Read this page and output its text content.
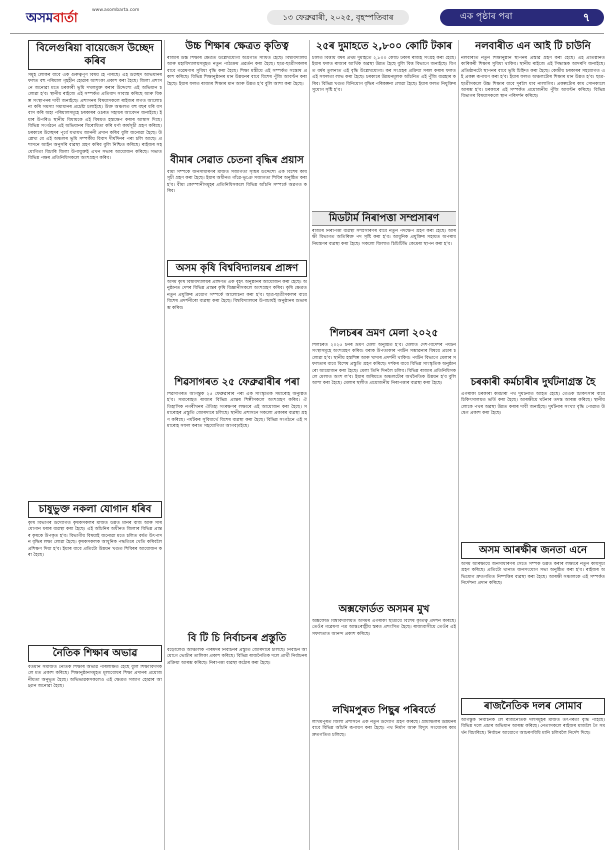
অসমবাৰ্তা
www.asombarta.com
১৩ ফেব্ৰুৱাৰী, ২০২৫, বৃহস্পতিবাৰ	এক পৃষ্ঠাৰ পৰা	৭
বিলেগুৰিয়া বায়েজেস উচ্ছেদ কৰিব
সমূহ লোকৰ বাবে এক গুৰুত্বপূৰ্ণ বিষয় হৈ পৰিছে। এই উচ্ছেদ অভিযানৰ ফলত বহু পৰিয়াল গৃহহীন হোৱাৰ আশংকা প্ৰকাশ কৰা হৈছে। জিলা প্ৰশাসনে জনোৱা মতে চৰকাৰী ভূমি দখলমুক্ত কৰাৰ উদ্দেশ্যে এই অভিযান চলোৱা হ'ব। স্থানীয় ৰাইজে এই সম্পৰ্কত প্ৰতিবাদ সাব্যস্ত কৰিছে আৰু বিকল্প সংস্থাপনৰ দাবী জনাইছে। প্ৰশাসনৰ বিষয়াসকলে ৰাইজৰ লগত আলোচনা কৰি সমস্যা সমাধানৰ প্ৰচেষ্টা চলাইছে। উক্ত অঞ্চলত বহু বছৰ ধৰি বসবাস কৰি অহা পৰিয়ালসমূহে চৰকাৰৰ ওচৰত সহায়ৰ আবেদন জনাইছে। ইয়াৰ উপৰিও স্থানীয় বিধায়কে এই বিষয়ত হস্তক্ষেপ কৰাৰ আশ্বাস দিছে। বিভিন্ন সংগঠনে এই অভিযানৰ বিৰোধিতা কৰি ধৰ্ণা কাৰ্যসূচী গ্ৰহণ কৰিছে। চৰকাৰে উচ্ছেদৰ পূৰ্বে যথাযথ জাননী প্ৰদান কৰিব বুলি জনোৱা হৈছে। উল্লেখ্য যে এই অঞ্চলৰ ভূমি সম্পৰ্কীয় বিবাদ দীৰ্ঘদিনৰ পৰা চলি আছে। প্ৰশাসনে আইন অনুসৰি ব্যৱস্থা গ্ৰহণ কৰিব বুলি নিশ্চিত কৰিছে। ৰাইজৰ সহযোগিতা বিচাৰি জিলা উপায়ুক্তই এখন সভাৰ আয়োজন কৰিছে। সভাত বিভিন্ন পক্ষৰ প্ৰতিনিধিসকলে অংশগ্ৰহণ কৰিব।
চাষুভুক্ত নকলা যোগান ধৰিব
কৃষি বিভাগৰ উদ্যোগত কৃষকসকলৰ মাজত উন্নত মানৰ বীজ আৰু সাৰ যোগান ধৰাৰ ব্যৱস্থা কৰা হৈছে। এই আঁচনিৰ অধীনত জিলাৰ বিভিন্ন প্ৰান্তৰ কৃষকে উপকৃত হ'ব। বিভাগীয় বিষয়াই জনোৱা মতে চলিত বৰ্ষত উৎপাদন বৃদ্ধিৰ লক্ষ্য লোৱা হৈছে। কৃষকসকলক আধুনিক পদ্ধতিৰে খেতি কৰিবলৈ প্ৰশিক্ষণ দিয়া হ'ব। ইয়াৰ বাবে প্ৰতিটো উন্নয়ন খণ্ডত শিবিৰৰ আয়োজন কৰা হৈছে।
নৈতিক শিক্ষাৰ অভাৱ
বৰ্তমান সমাজত নৈতিক শিক্ষাৰ অভাৱ পৰিলক্ষিত হৈছে বুলি শিক্ষাবিদসকলে মত প্ৰকাশ কৰিছে। শিক্ষানুষ্ঠানসমূহত মূল্যবোধৰ শিক্ষা প্ৰদানৰ প্ৰয়োজনীয়তা অনুভূত হৈছে। অভিভাৱকসকলেও এই ক্ষেত্ৰত সজাগ হোৱাৰ আহ্বান জনোৱা হৈছে।
উচ্চ শিক্ষাৰ ক্ষেত্ৰত কৃতিত্ব
ৰাজ্যৰ উচ্চ শিক্ষাৰ ক্ষেত্ৰত উল্লেখযোগ্য অগ্ৰগতি সাধিত হৈছে। বিশ্ববিদ্যালয় আৰু মহাবিদ্যালয়সমূহত নতুন পাঠ্যক্ৰম প্ৰৱৰ্তন কৰা হৈছে। ছাত্ৰ-ছাত্ৰীসকলৰ বাবে গৱেষণাৰ সুবিধা বৃদ্ধি কৰা হৈছে। শিক্ষা মন্ত্ৰীয়ে এই সম্পৰ্কত সন্তোষ প্ৰকাশ কৰিছে। বিভিন্ন শিক্ষানুষ্ঠানৰ মান উন্নয়নৰ বাবে বিশেষ পুঁজি আবণ্টন কৰা হৈছে। ইয়াৰ ফলত ৰাজ্যৰ শিক্ষাৰ মান আৰু উন্নত হ'ব বুলি আশা কৰা হৈছে।
বীমাৰ সেৱাত চেতনা বৃদ্ধিৰ প্ৰয়াস
বীমা সম্পৰ্কে জনসাধাৰণৰ মাজত সজাগতা সৃষ্টিৰ উদ্দেশ্যে এক বিশেষ কাৰ্যসূচী গ্ৰহণ কৰা হৈছে। ইয়াৰ অধীনত গাঁৱে-ভূঞে সজাগতা শিবিৰ অনুষ্ঠিত কৰা হ'ব। বীমা কোম্পানীসমূহৰ প্ৰতিনিধিসকলে বিভিন্ন আঁচনি সম্পৰ্কে অৱগত কৰিব।
অসম কৃষি বিশ্ববিদ্যালয়ৰ প্ৰাঙ্গণ
অসম কৃষি বিশ্ববিদ্যালয়ৰ প্ৰাঙ্গণত এক বৃহৎ অনুষ্ঠানৰ আয়োজন কৰা হৈছে। অনুষ্ঠানত দেশৰ বিভিন্ন প্ৰান্তৰ কৃষি বিজ্ঞানীসকলে অংশগ্ৰহণ কৰিব। কৃষি ক্ষেত্ৰত নতুন প্ৰযুক্তিৰ প্ৰয়োগ সম্পৰ্কে আলোচনা কৰা হ'ব। ছাত্ৰ-ছাত্ৰীসকলৰ বাবে বিশেষ প্ৰদৰ্শনীৰো ব্যৱস্থা কৰা হৈছে। বিশ্ববিদ্যালয়ৰ উপাচাৰ্যই অনুষ্ঠানৰ শুভাৰম্ভ কৰিব।
শিৱসাগৰত ২৫ ফেব্ৰুৱাৰীৰ পৰা
শিৱসাগৰত আগন্তুক ২৫ ফেব্ৰুৱাৰীৰ পৰা এক সাংস্কৃতিক সমাৰোহ অনুষ্ঠিত হ'ব। সমাৰোহত ৰাজ্যৰ বিভিন্ন প্ৰান্তৰ শিল্পীসকলে অংশগ্ৰহণ কৰিব। ঐতিহাসিক নগৰীখনৰ ঐতিহ্য সংৰক্ষণৰ লক্ষ্যৰে এই আয়োজন কৰা হৈছে। সমাৰোহৰ প্ৰস্তুতি জোৰদাৰে চলিছে। স্থানীয় প্ৰশাসনে সকলো প্ৰকাৰৰ ব্যৱস্থা গ্ৰহণ কৰিছে। পৰ্যটকৰ সুবিধাৰ্থে বিশেষ ব্যৱস্থা কৰা হৈছে। বিভিন্ন সংগঠনে এই সমাৰোহ সফল কৰাত সহযোগিতা আগবঢ়াইছে।
বি টি চি নিৰ্বাচনৰ প্ৰস্তুতি
বড়োলেণ্ড আঞ্চলিক পৰিষদৰ নিৰ্বাচনৰ প্ৰস্তুতি জোৰদাৰে চলিছে। নিৰ্বাচন আয়োগে ভোটাৰ তালিকা প্ৰকাশ কৰিছে। বিভিন্ন ৰাজনৈতিক দলে প্ৰাৰ্থী নিৰ্বাচনৰ প্ৰক্ৰিয়া আৰম্ভ কৰিছে। নিৰাপত্তা ব্যৱস্থা কঠোৰ কৰা হৈছে।
২৫ৰ দুমাহতে ২,৮০০ কোটি টকাৰ
চলিত বিত্তীয় বৰ্ষৰ প্ৰথম দুমাহতে ২,৮০০ কোটি টকাৰ ৰাজহ সংগ্ৰহ কৰা হৈছে। ইয়াৰ ফলত ৰাজ্যৰ আৰ্থিক অৱস্থা উন্নত হৈছে বুলি বিত্ত বিভাগে জনাইছে। বিগত বৰ্ষৰ তুলনাত এই বৃদ্ধি উল্লেখযোগ্য। কৰ সংগ্ৰহৰ প্ৰক্ৰিয়া সৰল কৰাৰ ফলত এই সফলতা লাভ কৰা হৈছে। চৰকাৰে উন্নয়নমূলক আঁচনিত এই পুঁজি ব্যৱহাৰ কৰিব। বিভিন্ন খণ্ডত বিনিয়োগ বৃদ্ধিৰ পৰিকল্পনা লোৱা হৈছে। ইয়াৰ ফলত নিযুক্তিৰ সুযোগ সৃষ্টি হ'ব।
মিডটার্ম নিৰাপত্তা সম্প্ৰসাৰণ
ৰাজ্যৰ নিৰাপত্তা ব্যৱস্থা সম্প্ৰসাৰণৰ বাবে নতুন পদক্ষেপ গ্ৰহণ কৰা হৈছে। আৰক্ষী বিভাগত অতিৰিক্ত পদ সৃষ্টি কৰা হ'ব। আধুনিক প্ৰযুক্তিৰ সহায়ত অপৰাধ নিয়ন্ত্ৰণৰ ব্যৱস্থা কৰা হৈছে। সকলো জিলাত চিচিটিভি কেমেৰা স্থাপন কৰা হ'ব।
শিলচৰৰ ভ্ৰমণ মেলা ২০২৫
শিলচৰত ২০২৫ চনৰ ভ্ৰমণ মেলা অনুষ্ঠিত হ'ব। মেলাত দেশ-বিদেশৰ পৰ্যটন সংস্থাসমূহে অংশগ্ৰহণ কৰিব। বৰাক উপত্যকাৰ পৰ্যটন সম্ভাৱনাৰ বিষয়ে প্ৰচাৰ চলোৱা হ'ব। স্থানীয় হস্তশিল্প আৰু খাদ্যৰ প্ৰদৰ্শনী থাকিব। পৰ্যটন বিভাগে মেলাৰ সফলতাৰ বাবে বিশেষ প্ৰস্তুতি গ্ৰহণ কৰিছে। দৰ্শকৰ বাবে বিভিন্ন সাংস্কৃতিক অনুষ্ঠানৰো আয়োজন কৰা হৈছে। মেলা তিনি দিনলৈ চলিব। বিভিন্ন ৰাজ্যৰ প্ৰতিনিধিসকলে মেলাত অংশ ল'ব। ইয়াৰ জৰিয়তে অঞ্চলটোৰ অৰ্থনৈতিক উন্নয়ন হ'ব বুলি আশা কৰা হৈছে। মেলাৰ স্থলীত প্ৰয়োজনীয় নিৰাপত্তাৰ ব্যৱস্থা কৰা হৈছে।
অক্সফোৰ্ডত অসমৰ মুখ
অক্সফোৰ্ড বিশ্ববিদ্যালয়ত অসমৰ এগৰাকী ছাত্ৰীয়ে বিশেষ কৃতিত্ব প্ৰদৰ্শন কৰিছে। তেওঁৰ গৱেষণা পত্ৰ আন্তঃৰাষ্ট্ৰীয় স্তৰত প্ৰশংসিত হৈছে। ৰাজ্যবাসীয়ে তেওঁৰ এই সফলতাত আনন্দ প্ৰকাশ কৰিছে।
লখিমপুৰত পিছুৰ পৰিবৰ্তে
লখিমপুৰত জিলা প্ৰশাসনে এক নতুন উদ্যোগ গ্ৰহণ কৰিছে। গ্ৰামাঞ্চলৰ উন্নয়নৰ বাবে বিভিন্ন আঁচনি ৰূপায়ণ কৰা হৈছে। পথ নিৰ্মাণ আৰু বিদ্যুৎ সংযোগৰ কাম দ্ৰুতগতিত চলিছে।
নলবাৰীত এন আই টি চাউনি
নলবাৰীত নতুন শিক্ষানুষ্ঠান স্থাপনৰ প্ৰস্তাৱ গ্ৰহণ কৰা হৈছে। এই প্ৰতিষ্ঠানত কাৰিকৰী শিক্ষাৰ সুবিধা থাকিব। স্থানীয় ৰাইজে এই সিদ্ধান্তক আদৰণি জনাইছে। প্ৰতিষ্ঠানটো স্থাপনৰ বাবে ভূমি চিহ্নিত কৰা হৈছে। কেন্দ্ৰীয় চৰকাৰৰ সহযোগত এই প্ৰকল্প ৰূপায়ণ কৰা হ'ব। ইয়াৰ ফলত অঞ্চলটোৰ শিক্ষাৰ মান উন্নত হ'ব। ছাত্ৰ-ছাত্ৰীসকলে উচ্চ শিক্ষাৰ বাবে দূৰলৈ যাব নালাগিব। প্ৰকল্পটোৰ কাম সোনকালে আৰম্ভ হ'ব। চৰকাৰে এই সম্পৰ্কত প্ৰয়োজনীয় পুঁজি আবণ্টন কৰিছে। বিভিন্ন বিভাগৰ বিষয়াসকলে স্থান পৰিদৰ্শন কৰিছে।
চৰকাৰী কৰ্মচাৰীৰ দুৰ্ঘটনাগ্ৰস্ত হৈ
এগৰাকী চৰকাৰী কৰ্মচাৰী পথ দুৰ্ঘটনাত আহত হৈছে। তেওঁক চিকিৎসাৰ বাবে চিকিৎসালয়ত ভৰ্তি কৰা হৈছে। আৰক্ষীয়ে ঘটনাৰ তদন্ত আৰম্ভ কৰিছে। স্থানীয় লোকে পথৰ অৱস্থা উন্নত কৰাৰ দাবী জনাইছে। দুৰ্ঘটনাৰ সংখ্যা বৃদ্ধি পোৱাত উদ্বেগ প্ৰকাশ কৰা হৈছে।
অসম আৰক্ষীৰ জনতা এনে
অসম আৰক্ষীয়ে জনসাধাৰণৰ সৈতে সম্পৰ্ক উন্নত কৰাৰ লক্ষ্যৰে নতুন কাৰ্যসূচী গ্ৰহণ কৰিছে। প্ৰতিটো থানাত জনসংযোগ সভা অনুষ্ঠিত কৰা হ'ব। ৰাইজৰ অভিযোগ দ্ৰুতগতিত নিষ্পত্তিৰ ব্যৱস্থা কৰা হৈছে। আৰক্ষী সঞ্চালকে এই সম্পৰ্কত নিৰ্দেশনা প্ৰদান কৰিছে।
ৰাজনৈতিক দলৰ সোমাব
আগন্তুক নিৰ্বাচনক লৈ ৰাজনৈতিক দলসমূহৰ মাজত তৎপৰতা বৃদ্ধি পাইছে। বিভিন্ন দলে প্ৰচাৰ অভিযান আৰম্ভ কৰিছে। নেতাসকলে ৰাইজৰ মাজলৈ গৈ সমৰ্থন বিচাৰিছে। নিৰ্বাচন আয়োগে আচৰণবিধি মানি চলিবলৈ নিৰ্দেশ দিছে।
